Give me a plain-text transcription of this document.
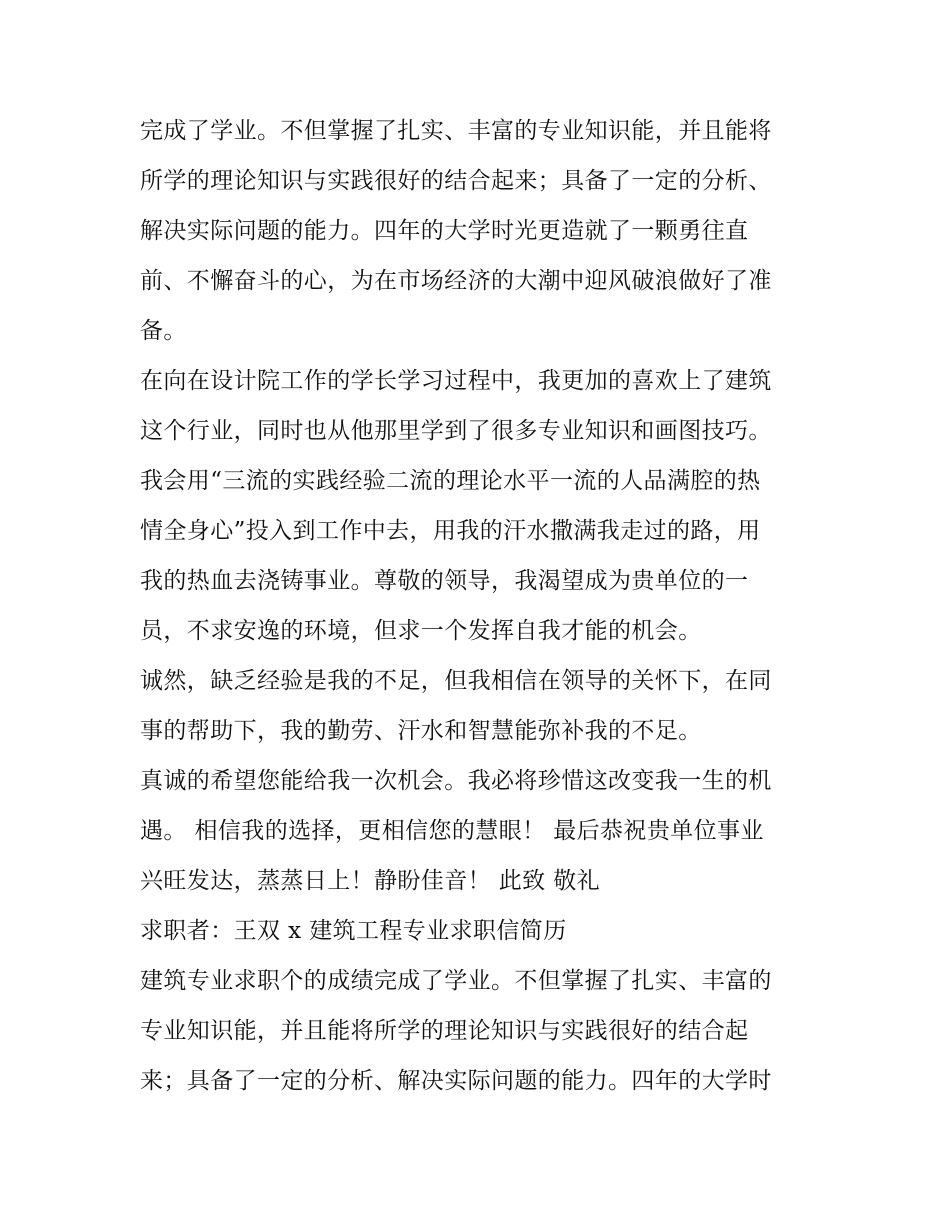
完成了学业。不但掌握了扎实、丰富的专业知识能，并且能将
所学的理论知识与实践很好的结合起来；具备了一定的分析、
解决实际问题的能力。四年的大学时光更造就了一颗勇往直
前、不懈奋斗的心，为在市场经济的大潮中迎风破浪做好了准
备。
在向在设计院工作的学长学习过程中，我更加的喜欢上了建筑
这个行业，同时也从他那里学到了很多专业知识和画图技巧。
我会用“三流的实践经验二流的理论水平一流的人品满腔的热
情全身心”投入到工作中去，用我的汗水撒满我走过的路，用
我的热血去浇铸事业。尊敬的领导，我渴望成为贵单位的一
员，不求安逸的环境，但求一个发挥自我才能的机会。
诚然，缺乏经验是我的不足，但我相信在领导的关怀下，在同
事的帮助下，我的勤劳、汗水和智慧能弥补我的不足。
真诚的希望您能给我一次机会。我必将珍惜这改变我一生的机
遇。 相信我的选择，更相信您的慧眼！ 最后恭祝贵单位事业
兴旺发达，蒸蒸日上！静盼佳音！ 此致 敬礼
求职者：王双 x 建筑工程专业求职信简历
建筑专业求职个的成绩完成了学业。不但掌握了扎实、丰富的
专业知识能，并且能将所学的理论知识与实践很好的结合起
来；具备了一定的分析、解决实际问题的能力。四年的大学时
